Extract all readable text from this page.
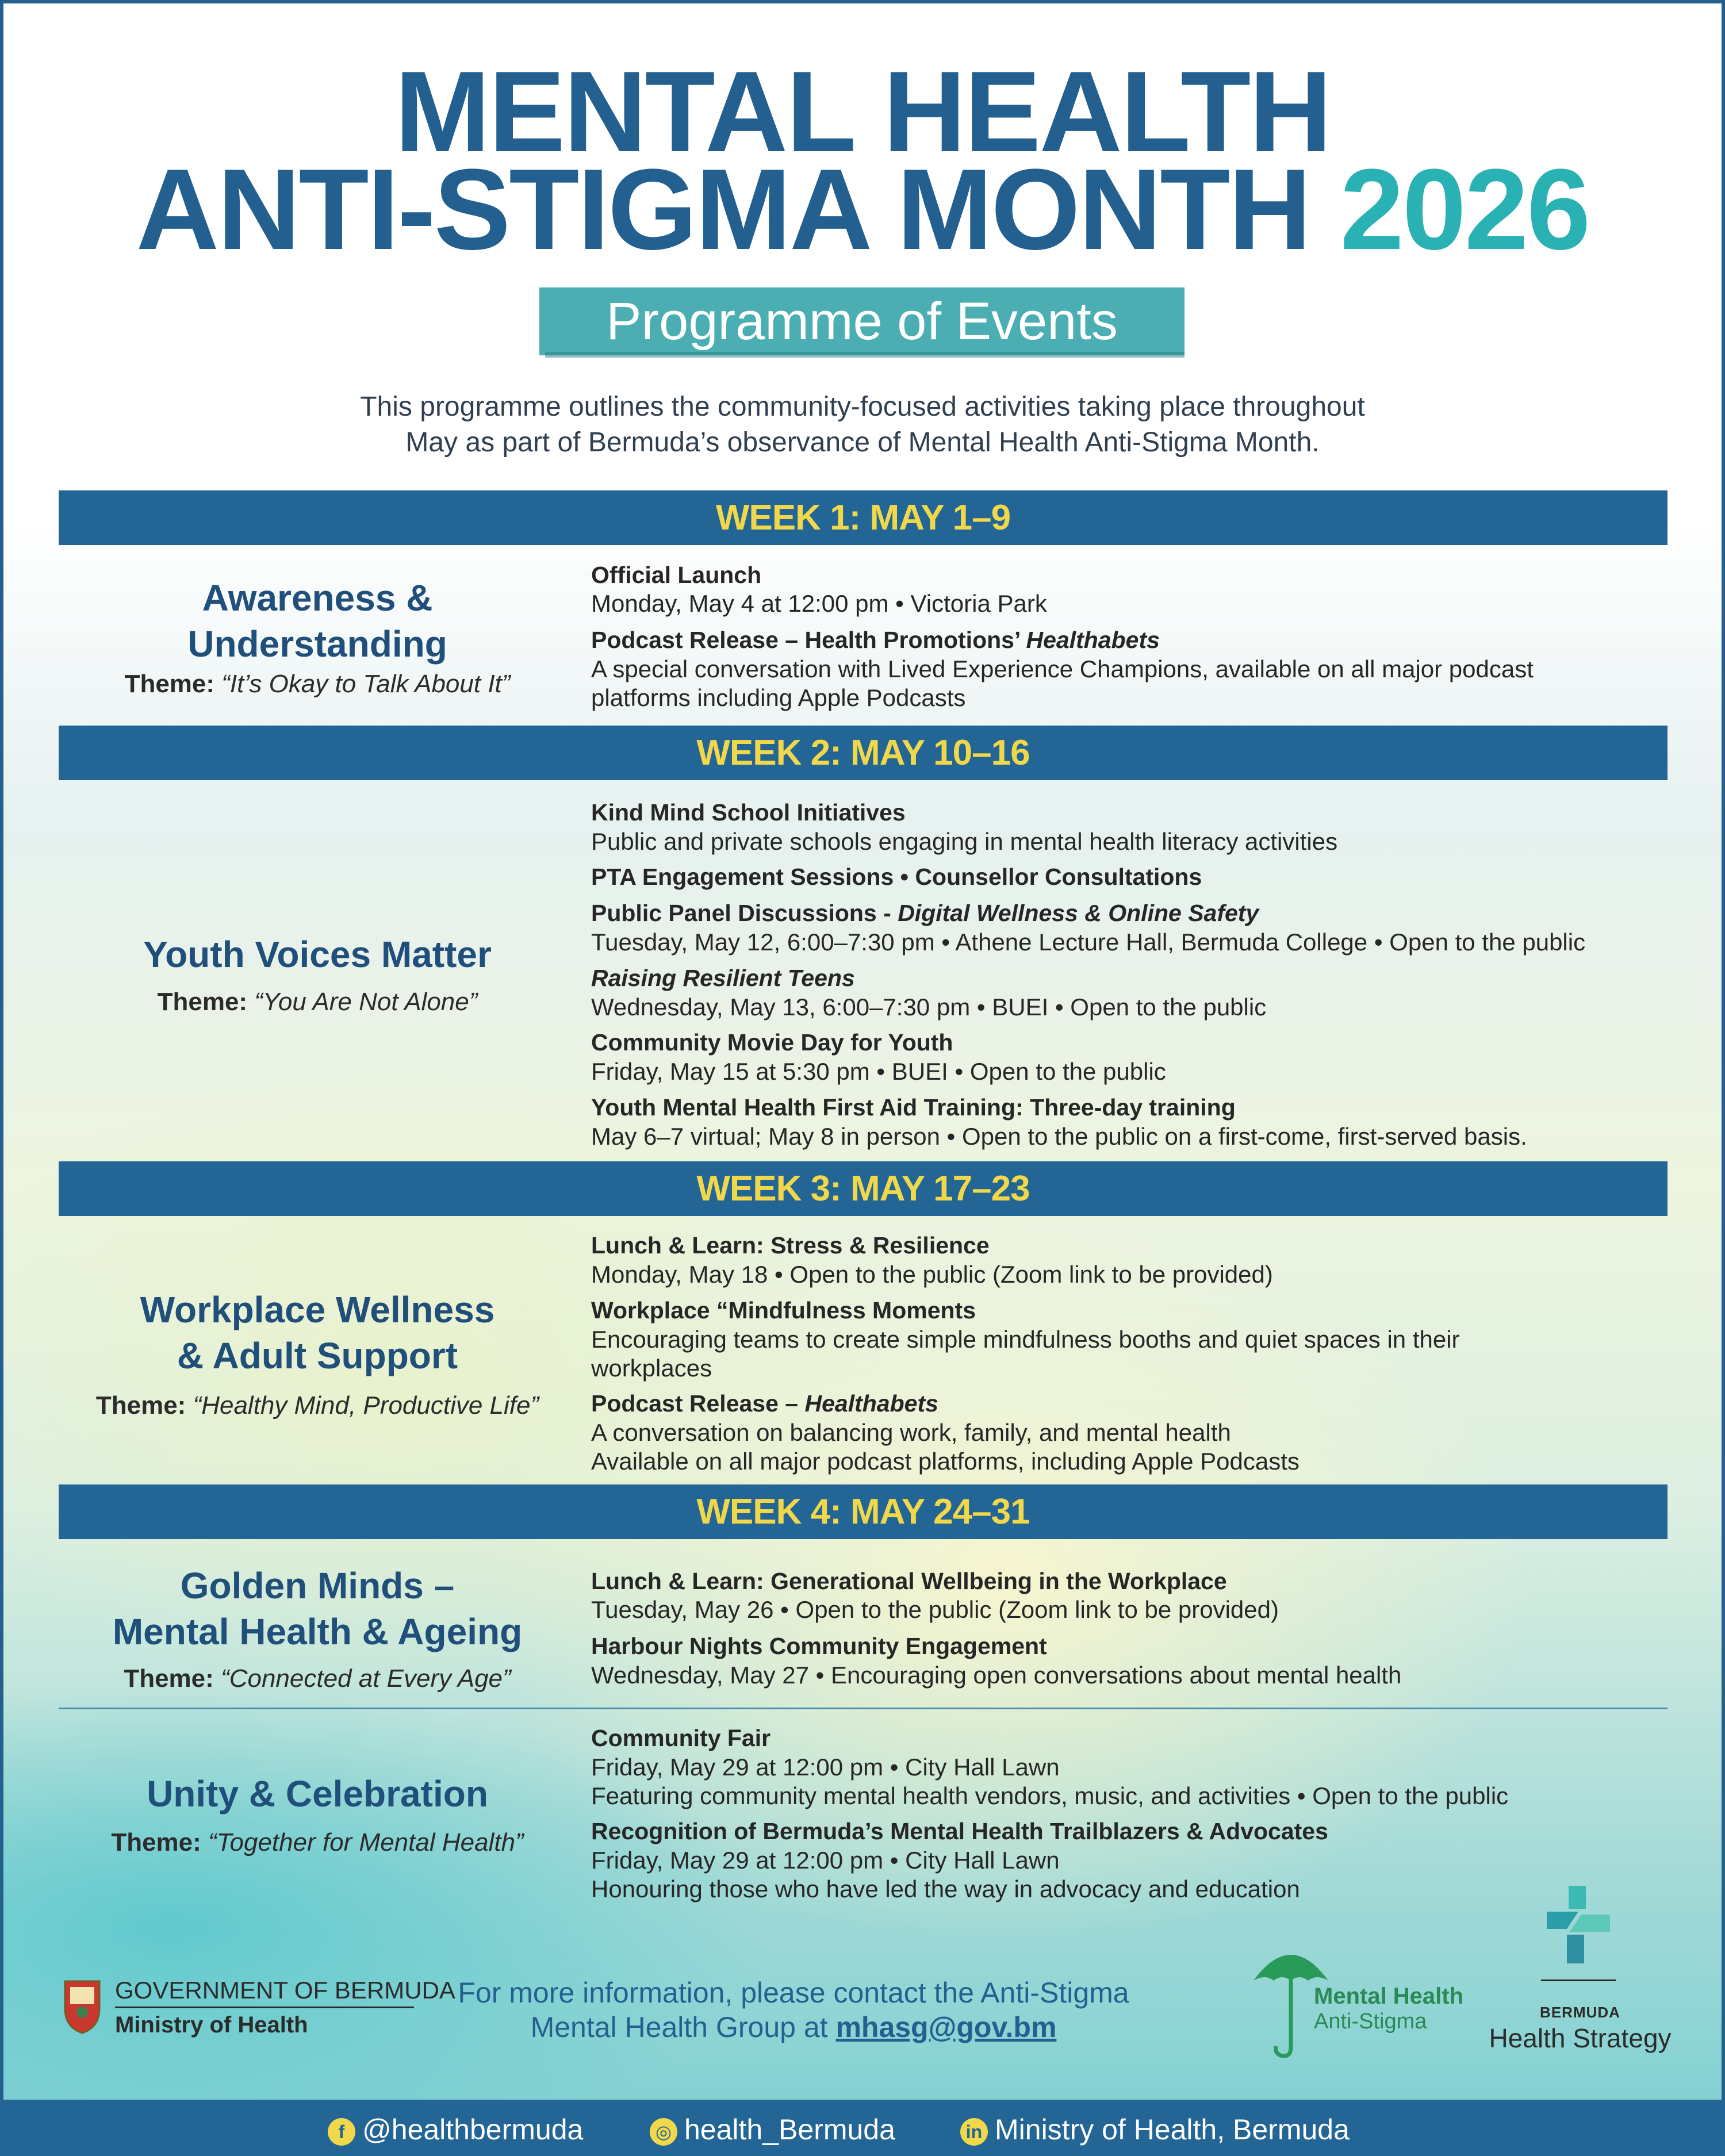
MENTAL HEALTH
ANTI-STIGMA MONTH 2026
Programme of Events
This programme outlines the community-focused activities taking place throughout
May as part of Bermuda’s observance of Mental Health Anti-Stigma Month.
WEEK 1: MAY 1–9
Awareness &
Understanding
Theme: “It’s Okay to Talk About It”
Official Launch
Monday, May 4 at 12:00 pm • Victoria Park
Podcast Release – Health Promotions’ Healthabets
A special conversation with Lived Experience Champions, available on all major podcast
platforms including Apple Podcasts
WEEK 2: MAY 10–16
Youth Voices Matter
Theme: “You Are Not Alone”
Kind Mind School Initiatives
Public and private schools engaging in mental health literacy activities
PTA Engagement Sessions • Counsellor Consultations
Public Panel Discussions - Digital Wellness & Online Safety
Tuesday, May 12, 6:00–7:30 pm • Athene Lecture Hall, Bermuda College • Open to the public
Raising Resilient Teens
Wednesday, May 13, 6:00–7:30 pm • BUEI • Open to the public
Community Movie Day for Youth
Friday, May 15 at 5:30 pm • BUEI • Open to the public
Youth Mental Health First Aid Training: Three-day training
May 6–7 virtual; May 8 in person • Open to the public on a first-come, first-served basis.
WEEK 3: MAY 17–23
Workplace Wellness
& Adult Support
Theme: “Healthy Mind, Productive Life”
Lunch & Learn: Stress & Resilience
Monday, May 18 • Open to the public (Zoom link to be provided)
Workplace “Mindfulness Moments
Encouraging teams to create simple mindfulness booths and quiet spaces in their
workplaces
Podcast Release – Healthabets
A conversation on balancing work, family, and mental health
Available on all major podcast platforms, including Apple Podcasts
WEEK 4: MAY 24–31
Golden Minds –
Mental Health & Ageing
Theme: “Connected at Every Age”
Lunch & Learn: Generational Wellbeing in the Workplace
Tuesday, May 26 • Open to the public (Zoom link to be provided)
Harbour Nights Community Engagement
Wednesday, May 27 • Encouraging open conversations about mental health
Unity & Celebration
Theme: “Together for Mental Health”
Community Fair
Friday, May 29 at 12:00 pm • City Hall Lawn
Featuring community mental health vendors, music, and activities • Open to the public
Recognition of Bermuda’s Mental Health Trailblazers & Advocates
Friday, May 29 at 12:00 pm • City Hall Lawn
Honouring those who have led the way in advocacy and education
GOVERNMENT OF BERMUDA
Ministry of Health
For more information, please contact the Anti-Stigma
Mental Health Group at mhasg@gov.bm
Mental Health
Anti-Stigma	BERMUDA
Health Strategy
f @healthbermuda	◎ health_Bermuda	in Ministry of Health, Bermuda
